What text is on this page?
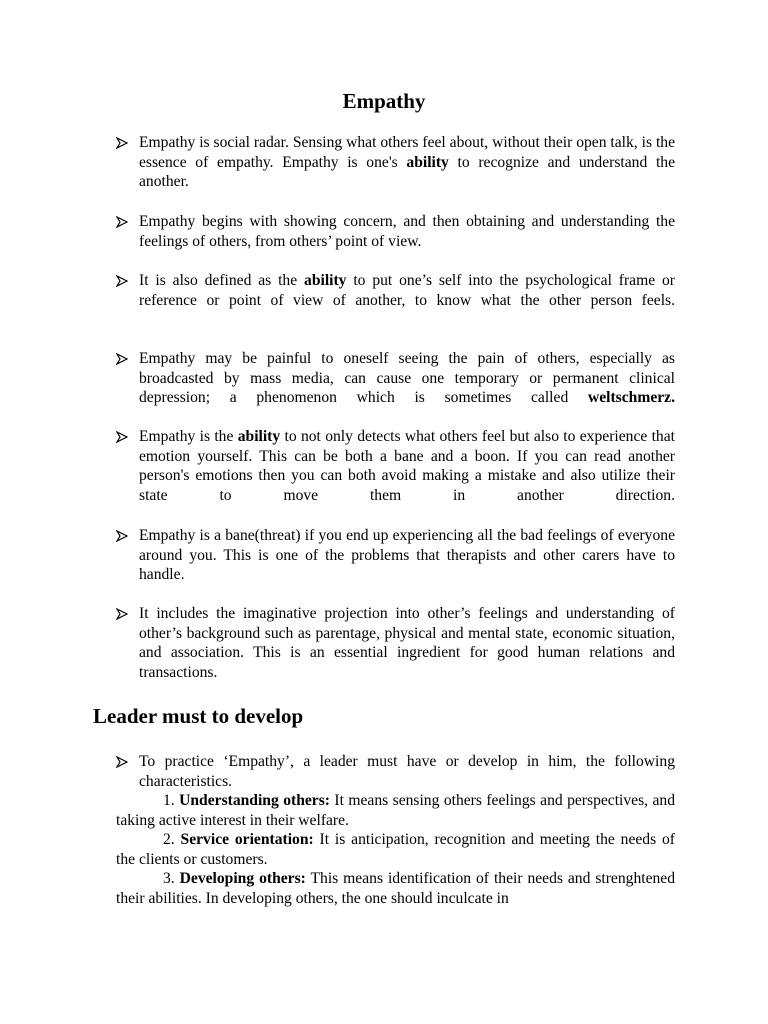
Empathy

Empathy is social radar. Sensing what others feel about, without their open talk, is the essence of empathy. Empathy is one's ability to recognize and understand the another.

Empathy begins with showing concern, and then obtaining and understanding the feelings of others, from others’ point of view.

It is also defined as the ability to put one’s self into the psychological frame or reference or point of view of another, to know what the other person feels.

Empathy may be painful to oneself seeing the pain of others, especially as broadcasted by mass media, can cause one temporary or permanent clinical depression; a phenomenon which is sometimes called weltschmerz.

Empathy is the ability to not only detects what others feel but also to experience that emotion yourself. This can be both a bane and a boon. If you can read another person's emotions then you can both avoid making a mistake and also utilize their state to move them in another direction.

Empathy is a bane(threat) if you end up experiencing all the bad feelings of everyone around you. This is one of the problems that therapists and other carers have to handle.

It includes the imaginative projection into other’s feelings and understanding of other’s background such as parentage, physical and mental state, economic situation, and association. This is an essential ingredient for good human relations and transactions.

Leader must to develop

To practice ‘Empathy’, a leader must have or develop in him, the following characteristics.

1. Understanding others: It means sensing others feelings and perspectives, and taking active interest in their welfare.

2. Service orientation: It is anticipation, recognition and meeting the needs of the clients or customers.

3. Developing others: This means identification of their needs and strenghtened their abilities. In developing others, the one should inculcate in
